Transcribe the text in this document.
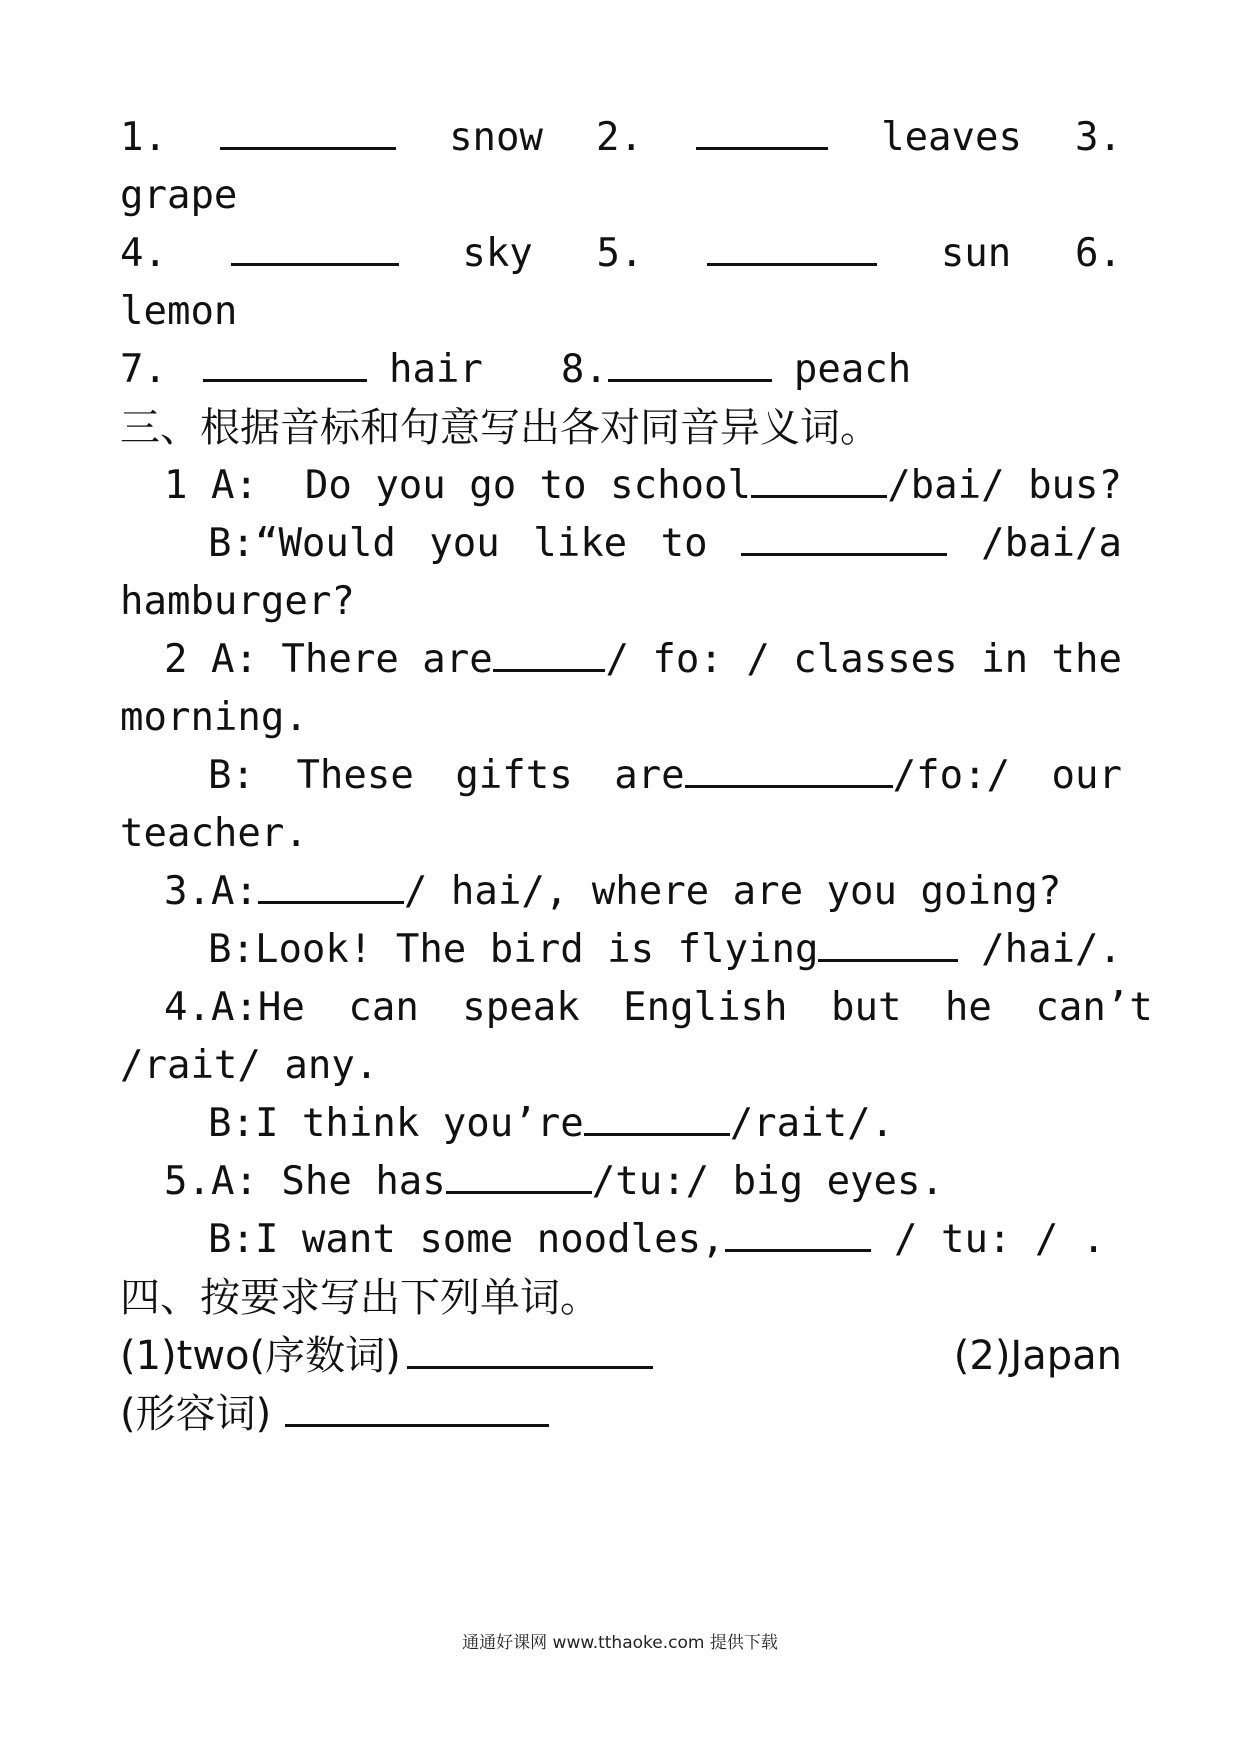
1.	snow 2.	leaves 3.
grape
4.	sky 5.	sun 6.
lemon
7.	hair 8.	peach
三、根据音标和句意写出各对同音异义词。
1 A:  Do you go to school	/bai/ bus?
B:“Would you like to	/bai/a
hamburger?
2 A: There are	/ fo: / classes in the
morning.
B: These gifts are	/fo:/ our
teacher.
3.A:	/ hai/, where are you going?
B:Look! The bird is flying	/hai/.
4.A:He can speak English but he can’t
/rait/ any.
B:I think you’re	/rait/.
5.A: She has	/tu:/ big eyes.
B:I want some noodles,	/ tu: / .
四、按要求写出下列单词。
(1)two(序数词)	(2)Japan
(形容词)
通通好课网 www.tthaoke.com 提供下载
